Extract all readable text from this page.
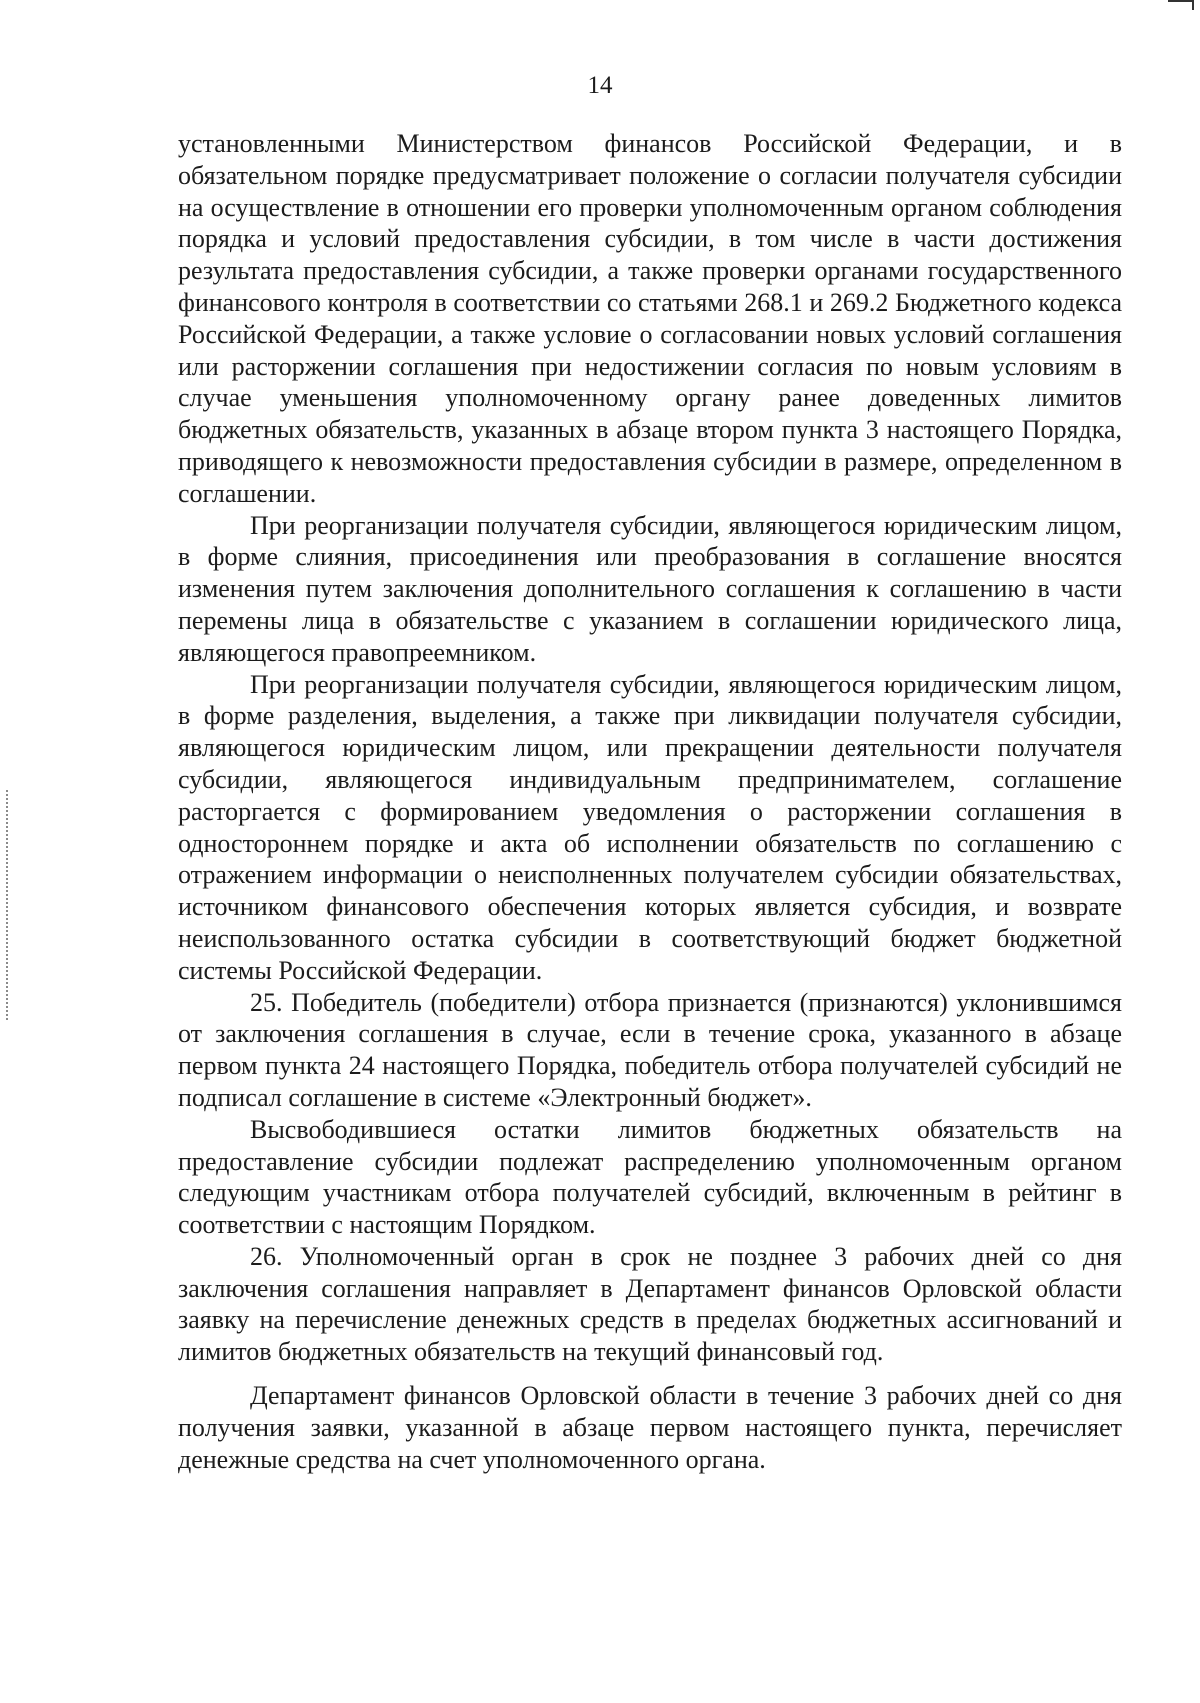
14

установленными Министерством финансов Российской Федерации, и в обязательном порядке предусматривает положение о согласии получателя субсидии на осуществление в отношении его проверки уполномоченным органом соблюдения порядка и условий предоставления субсидии, в том числе в части достижения результата предоставления субсидии, а также проверки органами государственного финансового контроля в соответствии со статьями 268.1 и 269.2 Бюджетного кодекса Российской Федерации, а также условие о согласовании новых условий соглашения или расторжении соглашения при недостижении согласия по новым условиям в случае уменьшения уполномоченному органу ранее доведенных лимитов бюджетных обязательств, указанных в абзаце втором пункта 3 настоящего Порядка, приводящего к невозможности предоставления субсидии в размере, определенном в соглашении.

При реорганизации получателя субсидии, являющегося юридическим лицом, в форме слияния, присоединения или преобразования в соглашение вносятся изменения путем заключения дополнительного соглашения к соглашению в части перемены лица в обязательстве с указанием в соглашении юридического лица, являющегося правопреемником.

При реорганизации получателя субсидии, являющегося юридическим лицом, в форме разделения, выделения, а также при ликвидации получателя субсидии, являющегося юридическим лицом, или прекращении деятельности получателя субсидии, являющегося индивидуальным предпринимателем, соглашение расторгается с формированием уведомления о расторжении соглашения в одностороннем порядке и акта об исполнении обязательств по соглашению с отражением информации о неисполненных получателем субсидии обязательствах, источником финансового обеспечения которых является субсидия, и возврате неиспользованного остатка субсидии в соответствующий бюджет бюджетной системы Российской Федерации.

25. Победитель (победители) отбора признается (признаются) уклонившимся от заключения соглашения в случае, если в течение срока, указанного в абзаце первом пункта 24 настоящего Порядка, победитель отбора получателей субсидий не подписал соглашение в системе «Электронный бюджет».

Высвободившиеся остатки лимитов бюджетных обязательств на предоставление субсидии подлежат распределению уполномоченным органом следующим участникам отбора получателей субсидий, включенным в рейтинг в соответствии с настоящим Порядком.

26. Уполномоченный орган в срок не позднее 3 рабочих дней со дня заключения соглашения направляет в Департамент финансов Орловской области заявку на перечисление денежных средств в пределах бюджетных ассигнований и лимитов бюджетных обязательств на текущий финансовый год.

Департамент финансов Орловской области в течение 3 рабочих дней со дня получения заявки, указанной в абзаце первом настоящего пункта, перечисляет денежные средства на счет уполномоченного органа.
